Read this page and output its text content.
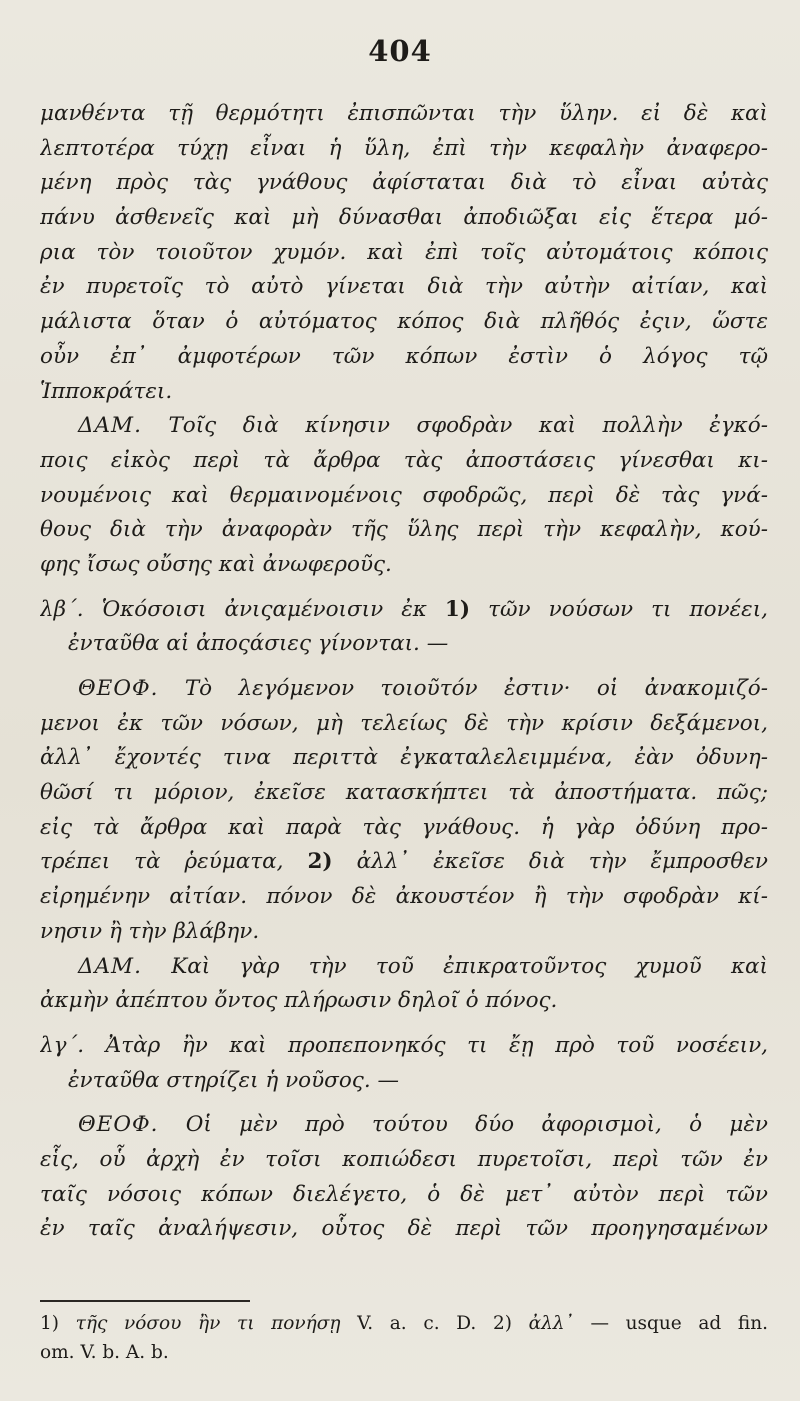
404
μανθέντα τῇ θερμότητι ἐπισπῶνται τὴν ὕλην. εἰ δὲ καὶ
λεπτοτέρα τύχῃ εἶναι ἡ ὕλη, ἐπὶ τὴν κεφαλὴν ἀναφερο-
μένη πρὸς τὰς γνάθους ἀφίσταται διὰ τὸ εἶναι αὐτὰς
πάνυ ἀσθενεῖς καὶ μὴ δύνασθαι ἀποδιῶξαι εἰς ἕτερα μό-
ρια τὸν τοιοῦτον χυμόν. καὶ ἐπὶ τοῖς αὐτομάτοις κόποις
ἐν πυρετοῖς τὸ αὐτὸ γίνεται διὰ τὴν αὐτὴν αἰτίαν, καὶ
μάλιστα ὅταν ὁ αὐτόματος κόπος διὰ πλῆθός ἐςιν, ὥστε
οὖν ἐπ᾽ ἀμφοτέρων τῶν κόπων ἐστὶν ὁ λόγος τῷ
Ἱπποκράτει.
ΔΑΜ. Τοῖς διὰ κίνησιν σφοδρὰν καὶ πολλὴν ἐγκό-
ποις εἰκὸς περὶ τὰ ἄρθρα τὰς ἀποστάσεις γίνεσθαι κι-
νουμένοις καὶ θερμαινομένοις σφοδρῶς, περὶ δὲ τὰς γνά-
θους διὰ τὴν ἀναφορὰν τῆς ὕλης περὶ τὴν κεφαλὴν, κού-
φης ἴσως οὔσης καὶ ἀνωφεροῦς.
λβ΄. Ὁκόσοισι ἀνιςαμένοισιν ἐκ 1) τῶν νούσων τι πονέει,
ἐνταῦθα αἱ ἀποςάσιες γίνονται. —
ΘΕΟΦ. Τὸ λεγόμενον τοιοῦτόν ἐστιν· οἱ ἀνακομιζό-
μενοι ἐκ τῶν νόσων, μὴ τελείως δὲ τὴν κρίσιν δεξάμενοι,
ἀλλ᾽ ἔχοντές τινα περιττὰ ἐγκαταλελειμμένα, ἐὰν ὀδυνη-
θῶσί τι μόριον, ἐκεῖσε κατασκήπτει τὰ ἀποστήματα. πῶς;
εἰς τὰ ἄρθρα καὶ παρὰ τὰς γνάθους. ἡ γὰρ ὀδύνη προ-
τρέπει τὰ ῥεύματα, 2) ἀλλ᾽ ἐκεῖσε διὰ τὴν ἔμπροσθεν
εἰρημένην αἰτίαν. πόνον δὲ ἀκουστέον ἢ τὴν σφοδρὰν κί-
νησιν ἢ τὴν βλάβην.
ΔΑΜ. Καὶ γὰρ τὴν τοῦ ἐπικρατοῦντος χυμοῦ καὶ
ἀκμὴν ἀπέπτου ὄντος πλήρωσιν δηλοῖ ὁ πόνος.
λγ΄. Ἀτὰρ ἢν καὶ προπεπονηκός τι ἔῃ πρὸ τοῦ νοσέειν,
ἐνταῦθα στηρίζει ἡ νοῦσος. —
ΘΕΟΦ. Οἱ μὲν πρὸ τούτου δύο ἀφορισμοὶ, ὁ μὲν
εἷς, οὗ ἀρχὴ ἐν τοῖσι κοπιώδεσι πυρετοῖσι, περὶ τῶν ἐν
ταῖς νόσοις κόπων διελέγετο, ὁ δὲ μετ᾽ αὐτὸν περὶ τῶν
ἐν ταῖς ἀναλήψεσιν, οὗτος δὲ περὶ τῶν προηγησαμένων
1) τῆς νόσου ἢν τι πονήσῃ V. a. c. D. 2) ἀλλ᾽ — usque ad fin.
om. V. b. A. b.
